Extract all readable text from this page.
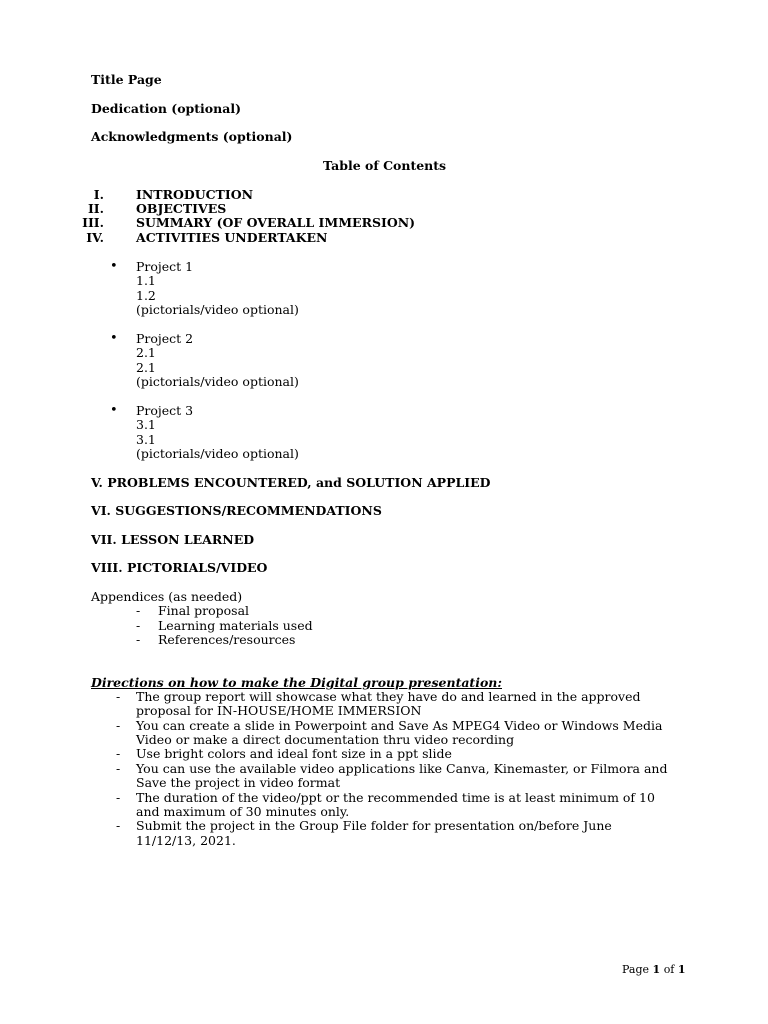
Title Page
Dedication (optional)
Acknowledgments (optional)
Table of Contents
I.	INTRODUCTION
II.	OBJECTIVES
III.	SUMMARY (OF OVERALL IMMERSION)
IV.	ACTIVITIES UNDERTAKEN
• Project 1
1.1
1.2
(pictorials/video optional)
• Project 2
2.1
2.1
(pictorials/video optional)
• Project 3
3.1
3.1
(pictorials/video optional)
V. PROBLEMS ENCOUNTERED, and SOLUTION APPLIED
VI. SUGGESTIONS/RECOMMENDATIONS
VII. LESSON LEARNED
VIII. PICTORIALS/VIDEO
Appendices (as needed)
- Final proposal
- Learning materials used
- References/resources
Directions on how to make the Digital group presentation:
- The group report will showcase what they have do and learned in the approved
proposal for IN-HOUSE/HOME IMMERSION
- You can create a slide in Powerpoint and Save As MPEG4 Video or Windows Media
Video or make a direct documentation thru video recording
- Use bright colors and ideal font size in a ppt slide
- You can use the available video applications like Canva, Kinemaster, or Filmora and
Save the project in video format
- The duration of the video/ppt or the recommended time is at least minimum of 10
and maximum of 30 minutes only.
- Submit the project in the Group File folder for presentation on/before June
11/12/13, 2021.
Page 1 of 1
